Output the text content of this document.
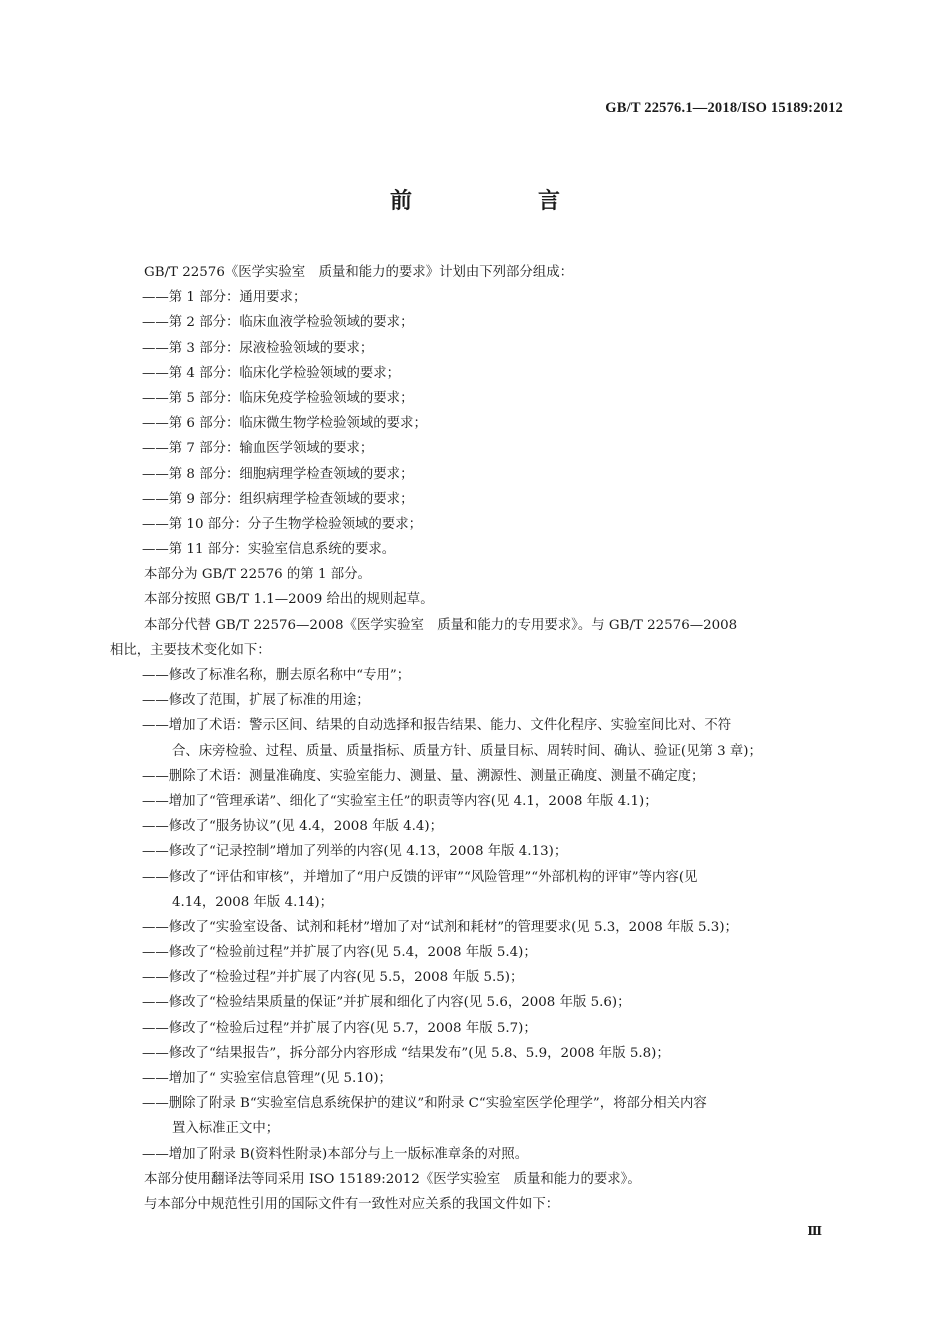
GB/T 22576.1—2018/ISO 15189:2012
前　言
GB/T 22576《医学实验室　质量和能力的要求》计划由下列部分组成：
——第 1 部分：通用要求；
——第 2 部分：临床血液学检验领域的要求；
——第 3 部分：尿液检验领域的要求；
——第 4 部分：临床化学检验领域的要求；
——第 5 部分：临床免疫学检验领域的要求；
——第 6 部分：临床微生物学检验领域的要求；
——第 7 部分：输血医学领域的要求；
——第 8 部分：细胞病理学检查领域的要求；
——第 9 部分：组织病理学检查领域的要求；
——第 10 部分：分子生物学检验领域的要求；
——第 11 部分：实验室信息系统的要求。
本部分为 GB/T 22576 的第 1 部分。
本部分按照 GB/T 1.1—2009 给出的规则起草。
本部分代替 GB/T 22576—2008《医学实验室　质量和能力的专用要求》。与 GB/T 22576—2008
相比，主要技术变化如下：
——修改了标准名称，删去原名称中“专用”；
——修改了范围，扩展了标准的用途；
——增加了术语：警示区间、结果的自动选择和报告结果、能力、文件化程序、实验室间比对、不符
合、床旁检验、过程、质量、质量指标、质量方针、质量目标、周转时间、确认、验证(见第 3 章)；
——删除了术语：测量准确度、实验室能力、测量、量、溯源性、测量正确度、测量不确定度；
——增加了“管理承诺”、细化了“实验室主任”的职责等内容(见 4.1，2008 年版 4.1)；
——修改了“服务协议”(见 4.4，2008 年版 4.4)；
——修改了“记录控制”增加了列举的内容(见 4.13，2008 年版 4.13)；
——修改了“评估和审核”，并增加了“用户反馈的评审”“风险管理”“外部机构的评审”等内容(见
4.14，2008 年版 4.14)；
——修改了“实验室设备、试剂和耗材”增加了对“试剂和耗材”的管理要求(见 5.3，2008 年版 5.3)；
——修改了“检验前过程”并扩展了内容(见 5.4，2008 年版 5.4)；
——修改了“检验过程”并扩展了内容(见 5.5，2008 年版 5.5)；
——修改了“检验结果质量的保证”并扩展和细化了内容(见 5.6，2008 年版 5.6)；
——修改了“检验后过程”并扩展了内容(见 5.7，2008 年版 5.7)；
——修改了“结果报告”，拆分部分内容形成 “结果发布”(见 5.8、5.9，2008 年版 5.8)；
——增加了“ 实验室信息管理”(见 5.10)；
——删除了附录 B“实验室信息系统保护的建议”和附录 C“实验室医学伦理学”，将部分相关内容
置入标准正文中；
——增加了附录 B(资料性附录)本部分与上一版标准章条的对照。
本部分使用翻译法等同采用 ISO 15189:2012《医学实验室　质量和能力的要求》。
与本部分中规范性引用的国际文件有一致性对应关系的我国文件如下：
Ⅲ
